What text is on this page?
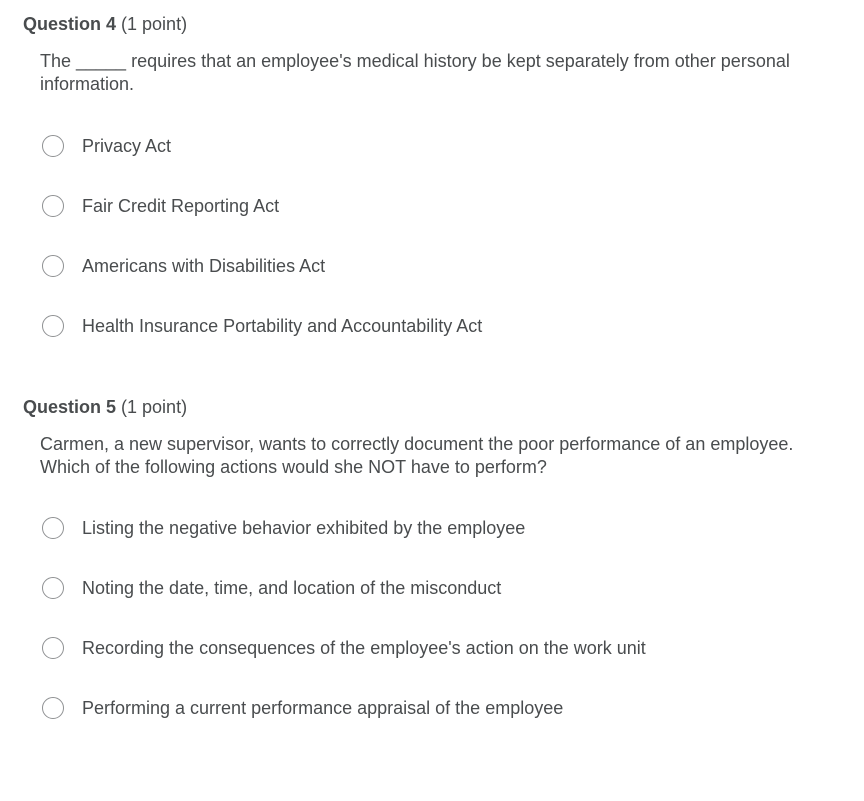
Question 4 (1 point)
The _____ requires that an employee's medical history be kept separately from other personal information.
Privacy Act
Fair Credit Reporting Act
Americans with Disabilities Act
Health Insurance Portability and Accountability Act
Question 5 (1 point)
Carmen, a new supervisor, wants to correctly document the poor performance of an employee. Which of the following actions would she NOT have to perform?
Listing the negative behavior exhibited by the employee
Noting the date, time, and location of the misconduct
Recording the consequences of the employee's action on the work unit
Performing a current performance appraisal of the employee
